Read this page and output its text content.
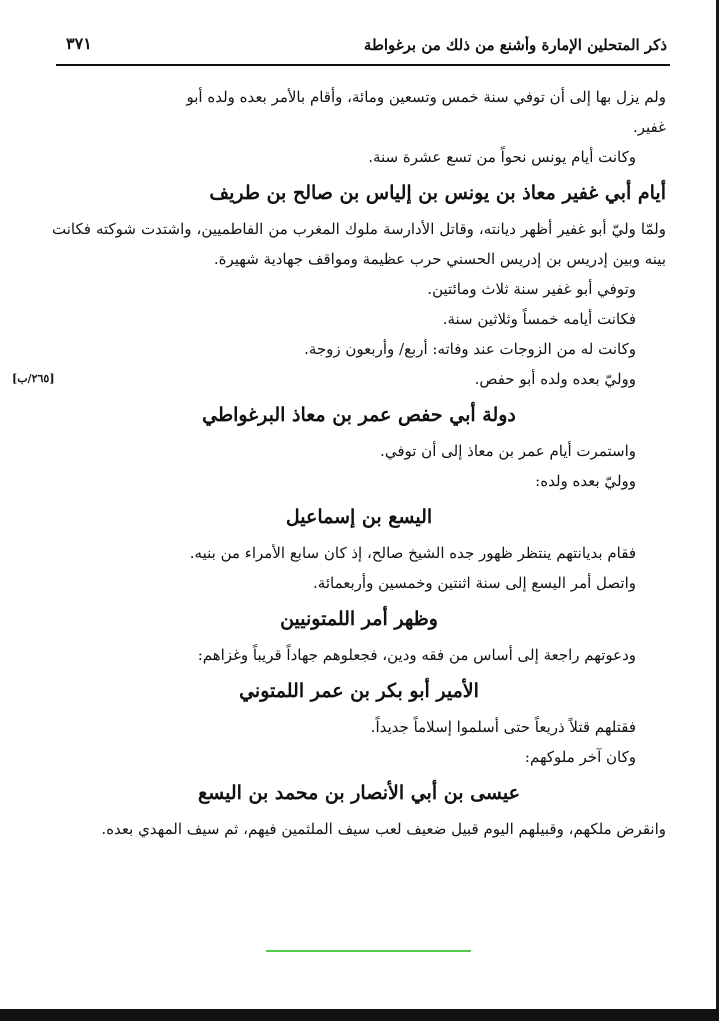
ذكر المتحلين الإمارة وأشنع من ذلك من برغواطة
٣٧١
[٢٦٥/ب]

ولم يزل بها إلى أن توفي سنة خمس وتسعين ومائة، وأقام بالأمر بعده ولده أبو

غفير.

وكانت أيام يونس نحواً من تسع عشرة سنة.

أيام أبي غفير معاذ بن يونس بن إلياس بن صالح بن طريف

ولمّا وليّ أبو غفير أظهر ديانته، وقاتل الأدارسة ملوك المغرب من الفاطميين، واشتدت شوكته فكانت بينه وبين إدريس بن إدريس الحسني حرب عظيمة ومواقف جهادية شهيرة.

وتوفي أبو غفير سنة ثلاث ومائتين.

فكانت أيامه خمساً وثلاثين سنة.

وكانت له من الزوجات عند وفاته: أربع/ وأربعون زوجة.

ووليّ بعده ولده أبو حفص.

دولة أبي حفص عمر بن معاذ البرغواطي

واستمرت أيام عمر بن معاذ إلى أن توفي.

ووليّ بعده ولده:

اليسع بن إسماعيل

فقام بديانتهم ينتظر ظهور جده الشيخ صالح، إذ كان سابع الأمراء من بنيه.

واتصل أمر اليسع إلى سنة اثنتين وخمسين وأربعمائة.

وظهر أمر اللمتونيين

ودعوتهم راجعة إلى أساس من فقه ودين، فجعلوهم جهاداً قريباً وغزاهم:

الأمير أبو بكر بن عمر اللمتوني

فقتلهم قتلاً ذريعاً حتى أسلموا إسلاماً جديداً.

وكان آخر ملوكهم:

عيسى بن أبي الأنصار بن محمد بن اليسع

وانقرض ملكهم، وقبيلهم اليوم قبيل ضعيف لعب سيف الملثمين فيهم، ثم سيف المهدي بعده.
